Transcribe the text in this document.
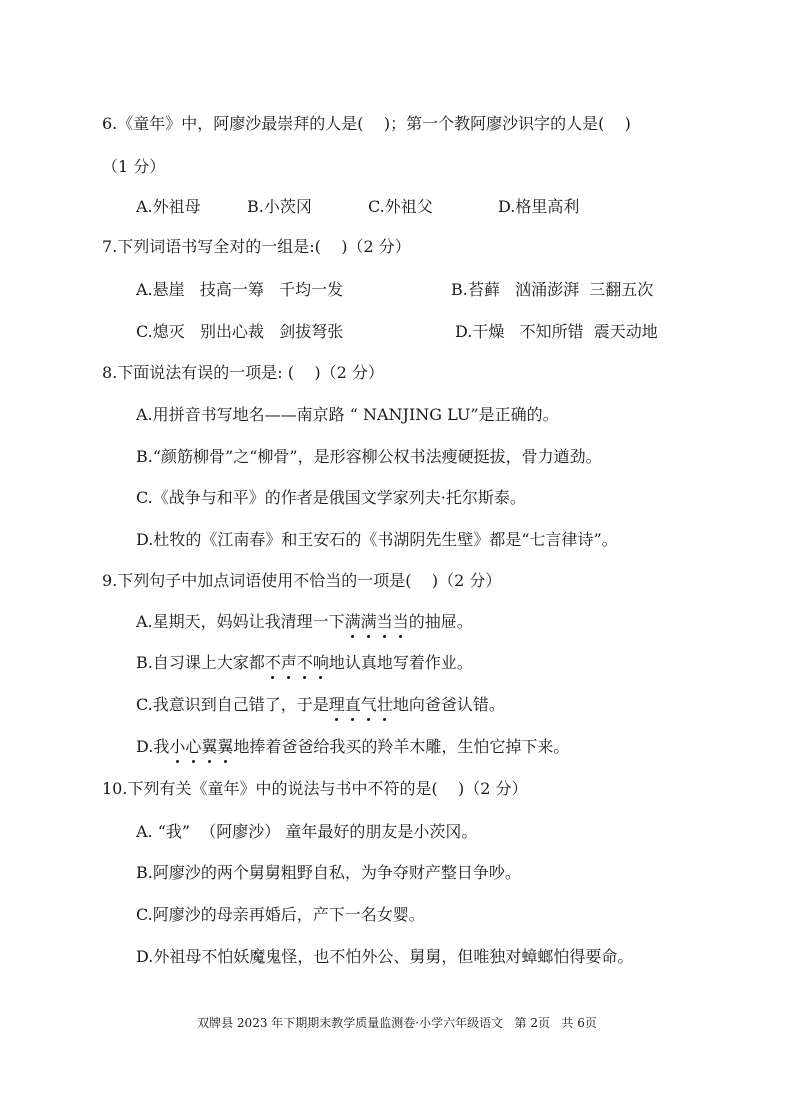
6.《童年》中，阿廖沙最崇拜的人是(    )；第一个教阿廖沙识字的人是(    )
（1 分）
A.外祖母	B.小茨冈	C.外祖父	D.格里高利
7.下列词语书写全对的一组是:(    )（2 分）
A.悬崖   技高一筹   千均一发	B.苔藓   汹涌澎湃  三翻五次
C.熄灭   别出心裁   剑拔弩张	D.干燥   不知所错  震天动地
8.下面说法有误的一项是: (    )（2 分）
A.用拼音书写地名——南京路 “ NANJING LU”是正确的。
B.“颜筋柳骨”之“柳骨”，是形容柳公权书法瘦硬挺拔，骨力遒劲。
C.《战争与和平》的作者是俄国文学家列夫·托尔斯泰。
D.杜牧的《江南春》和王安石的《书湖阴先生壁》都是“七言律诗”。
9.下列句子中加点词语使用不恰当的一项是(    )（2 分）
A.星期天，妈妈让我清理一下满满当当的抽屉。
B.自习课上大家都不声不响地认真地写着作业。
C.我意识到自己错了，于是理直气壮地向爸爸认错。
D.我小心翼翼地捧着爸爸给我买的羚羊木雕，生怕它掉下来。
10.下列有关《童年》中的说法与书中不符的是(    )（2 分）
A. “我”  （阿廖沙） 童年最好的朋友是小茨冈。
B.阿廖沙的两个舅舅粗野自私，为争夺财产整日争吵。
C.阿廖沙的母亲再婚后，产下一名女婴。
D.外祖母不怕妖魔鬼怪，也不怕外公、舅舅，但唯独对蟑螂怕得要命。
双牌县 2023 年下期期末教学质量监测卷·小学六年级语文   第 2页   共 6页
